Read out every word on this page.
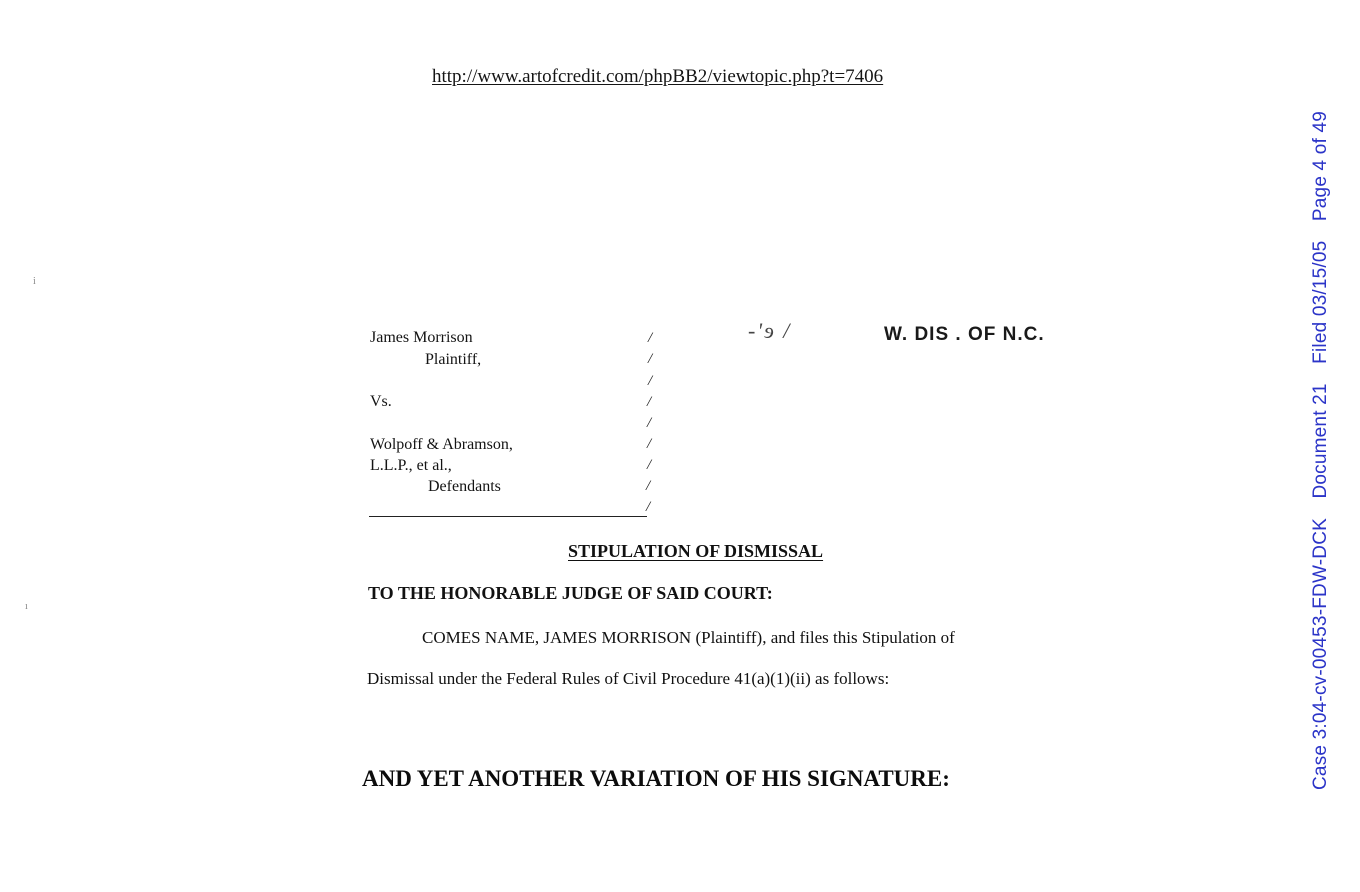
http://www.artofcredit.com/phpBB2/viewtopic.php?t=7406
Case 3:04-cv-00453-FDW-DCK Document 21 Filed 03/15/05 Page 4 of 49
i
ı
James Morrison
Plaintiff,
Vs.
Wolpoff & Abramson,
L.L.P., et al.,
Defendants
/
/
/
/
/
/
/
/
/
-'ɘ /	W. DIS . OF N.C.
STIPULATION OF DISMISSAL
TO THE HONORABLE JUDGE OF SAID COURT:
COMES NAME, JAMES MORRISON (Plaintiff), and files this Stipulation of
Dismissal under the Federal Rules of Civil Procedure 41(a)(1)(ii) as follows:
AND YET ANOTHER VARIATION OF HIS SIGNATURE:
